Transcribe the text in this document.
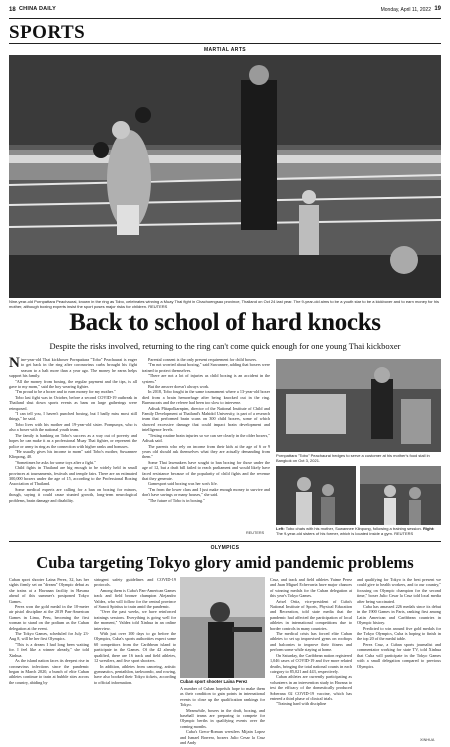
18 CHINA DAILY	Monday, April 11, 2022 19
SPORTS
MARTIAL ARTS
Nine-year-old Pornpattara Peachaurai, known in the ring as Tobo, celebrates winning a Muay Thai fight in Chachoengsao province, Thailand on Oct 24 last year. The 9-year-old aims to be a youth star to be a kickboxer and to earn money for his mother, although boxing experts insist the sport poses major risks for children. REUTERS
Back to school of hard knocks
Despite the risks involved, returning to the ring can't come quick enough for one young Thai kickboxer

Nine-year-old Thai kickboxer Pornpattara "Tobo" Peachaurai is eager to get back in the ring after coronavirus curbs brought his fight season to a halt more than a year ago. The money he earns helps support his family.

"All the money from boxing, the regular payment and the tips, is all gave to my mom," said the boy wearing fighter.

"I'm proud to be a boxer and to earn money for my mother."

Tobo last fight was in October, before a second COVID-19 outbreak in Thailand shut down sports events as bans on large gatherings were reimposed.

"I can tell you, I haven't punched boxing, but I badly miss most still things," he said.

Tobo lives with his mother and 19-year-old sister. Pornpunya, who is also a boxer with the national youth team.

The family is banking on Tobo's success as a way out of poverty and hopes he can make it as a professional Muay Thai fighter, or represent the police or army in ring as the connection with higher ranks and bonuses.

"He usually gives his income to mom" said Tobo's mother, Suwannee Klinpong, 40.

"Sometimes he asks for some toys after a fight."

Child fights in Thailand are big enough to be widely held in small provinces at tournaments, festivals and temple fairs. There are an estimated 300,000 boxers under the age of 15, according to the Professional Boxing Association of Thailand.

Some medical experts are calling for a ban on boxing for minors, though, saying it could cause stunted growth, long-term neurological problems, brain damage and disability.

Parental consent is the only present requirement for child boxers.

"I'm not worried about boxing," said Suwannee, adding that boxers were trained to protect themselves.

"There are not a lot of injuries as child boxing is an accident in the system."

But the answer doesn't always work.

In 2018, Tobo fought in the same tournament where a 13-year-old boxer died from a brain hemorrhage after being knocked out in the ring. Bureaucrats and the referee had been too slow to intervene.

Adisak Plitapolkarnpim, director of the National Institute of Child and Family Development at Thailand's Mahidol University, is part of a research team that performed brain scans on 300 child boxers, some of which showed excessive damage that could impact brain development and intelligence levels.

"Testing routine brain injuries so we can see clearly in the older boxers," Adisak said.

The parents who rely on income from their kids at the age of 6 or 9 years old should ask themselves what they are actually demanding from them."

Some Thai lawmakers have sought to ban boxing for those under the age of 12, but a draft bill failed to reach parliament and would likely have faced resistance because of the popularity of child fights and the revenue that they generate.

Gamesport said boxing was her son's life.

"I'm from the lower class and I just make enough money to survive and don't have savings or many houses," she said.

"The future of Tobo is in boxing."

REUTERS
Pornpattara "Tobo" Peachaurai hedges to serve a customer at his mother's food stall in Bangkok on Oct 3, 2021.
Left: Tobo chats with his mother, Suwannee Klinpong, following a training session. Right: The 9-year-old sisters of his former, which is located inside a gym. REUTERS
OLYMPICS
Cuba targeting Tokyo glory amid pandemic problems

Cuban sport shooter Laina Perez, 32, has her sights firmly set on "dream" Olympic debut as she trains at a Havanan facility in Havana ahead of this summer's postponed Tokyo Games.

Perez won the gold medal in the 10-meter air pistol discipline at the 2019 Pan-American Games in Lima, Peru, becoming the first woman to stand on the podium as the Cuban delegation at the event.

The Tokyo Games, scheduled for July 23-Aug 8, will be her first Olympics.

"This is a dream I had long been waiting for. I feel like a winner already," she told Xinhua.

As the island nation faces its deepest rise in coronavirus infections since the pandemic began in March 2020, a bunch of elite Cuban athletes continue to train at bubble sites across the country, abiding by

stringent safety guidelines and COVID-19 protocols.

Among them is Cuba's Pan-American Games track and field bronze champion Alejandro Valdez, who will follow for the central province of Sancti Spiritus to train amid the pandemic.

"Over the past weeks, we have reinforced trainings sessions. Everything is going well for the moment," Valdez told Xinhua in an online interview.

With just over 100 days to go before the Olympics, Cuba's sports authorities expect some 60 competitors from the Caribbean island to participate in the Games. Of the 42 already qualified, there are 16 track and field athletes, 12 wrestlers, and five sport shooters.

In addition, athletes from canoeing, artistic gymnastics, pentathlon, taekwondo, and rowing, have also booked their Tokyo tickets, according to official information.	Cuban sport shooter Laina Perez

A number of Cuban hopefuls hope to make them as their condition to gain points in international events to close up the qualification rankings for Tokyo.

Meanwhile, boxers in the draft, boxing, and baseball teams are preparing to compete for Olympic berths in qualifying events over the coming months.

Cuba's Greco-Roman wrestlers Mijain Lopez and Ismael Borrero, boxers Julio Cesar la Cruz and Andy

Cruz, and track and field athletes Yaime Perez and Juan Miguel Echevarria have major chances of winning medals for the Cuban delegation at this year's Tokyo Games.

Arisel Ortiz, vice-president of Cuba's National Institute of Sports, Physical Education and Recreation, told state media that the pandemic had affected the participation of local athletes in international competitions due to border controls in many countries.

The medical crisis has forced elite Cuban athletes to set up improvised gyms on rooftops and balconies to improve their fitness and perform some while staying at home.

On Saturday, the Caribbean nation registered 1,046 cases of COVID-19 and five more related deaths, bringing the total national counts in each category to 85,021 and 443, respectively.

Cuban athletes are currently participating as volunteers in an intervention study in Havana to test the efficacy of the domestically produced Soberana 02 COVID-19 vaccine, which has entered a third phase of clinical trials.

"Training hard with discipline

and qualifying for Tokyo is the best present we could give to health workers, and to our country," focusing on Olympic champion for the second time," boxer Julio Cesar la Cruz told local media after being vaccinated.

Cuba has amassed 226 medals since its debut in the 1900 Games in Paris, ranking first among Latin American and Caribbean countries in Olympic history.

Predicted to win around five gold medals for the Tokyo Olympics, Cuba is hoping to finish in the top 20 of the medal table.

Perez Cruz, a Cuban sports journalist and commentator working for state TV, told Xinhua that Cuba will participate in the Tokyo Games with a small delegation compared to previous Olympics.

XINHUA
